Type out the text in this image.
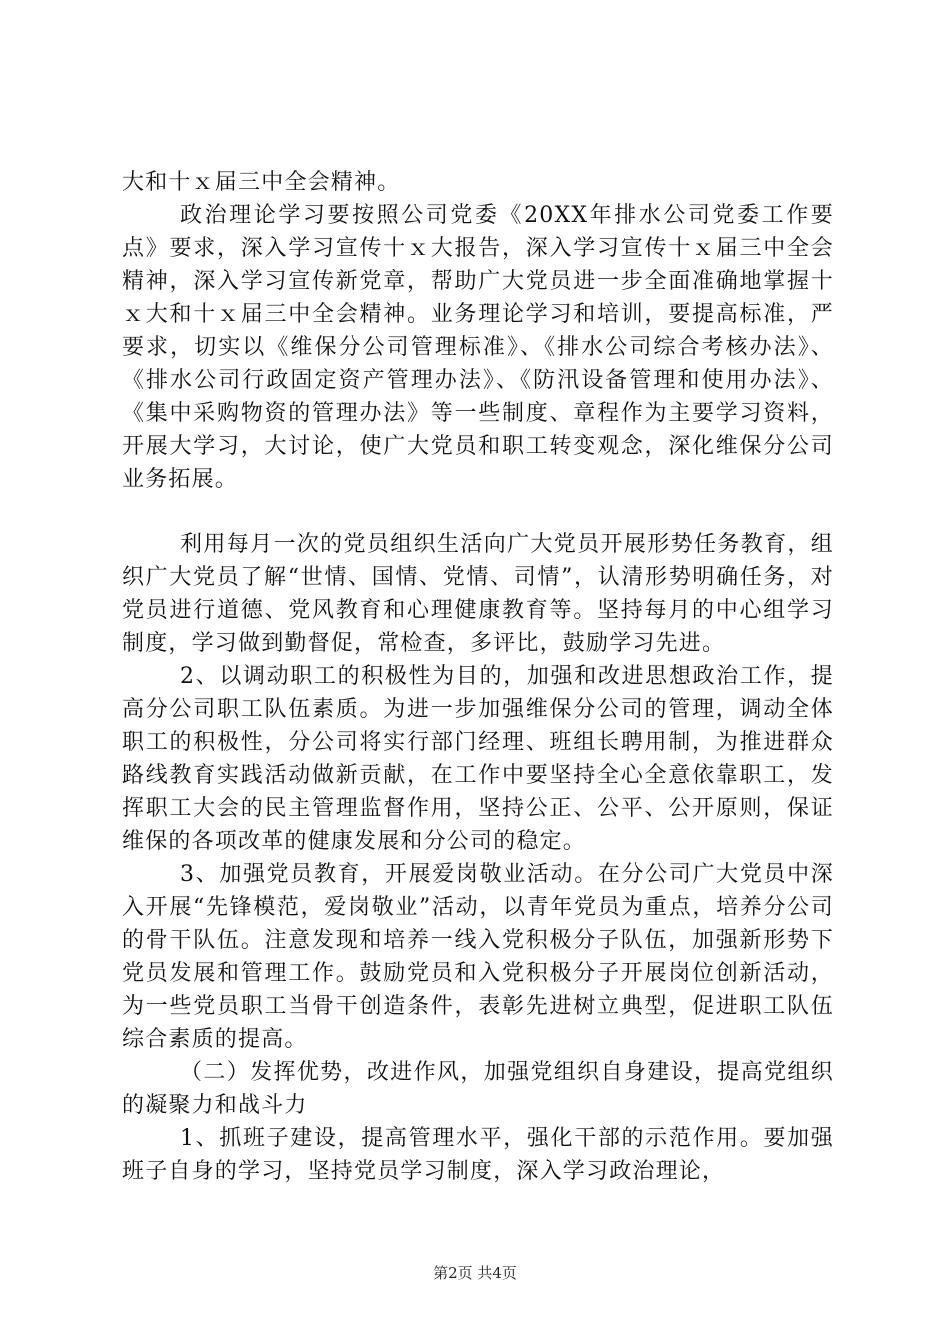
大和十ｘ届三中全会精神。

政治理论学习要按照公司党委《20XX年排水公司党委工作要点》要求，深入学习宣传十ｘ大报告，深入学习宣传十ｘ届三中全会精神，深入学习宣传新党章，帮助广大党员进一步全面准确地掌握十ｘ大和十ｘ届三中全会精神。业务理论学习和培训，要提高标准，严要求，切实以《维保分公司管理标准》、《排水公司综合考核办法》、《排水公司行政固定资产管理办法》、《防汛设备管理和使用办法》、《集中采购物资的管理办法》等一些制度、章程作为主要学习资料，开展大学习，大讨论，使广大党员和职工转变观念，深化维保分公司业务拓展。

利用每月一次的党员组织生活向广大党员开展形势任务教育，组织广大党员了解“世情、国情、党情、司情”，认清形势明确任务，对党员进行道德、党风教育和心理健康教育等。坚持每月的中心组学习制度，学习做到勤督促，常检查，多评比，鼓励学习先进。

2、以调动职工的积极性为目的，加强和改进思想政治工作，提高分公司职工队伍素质。为进一步加强维保分公司的管理，调动全体职工的积极性，分公司将实行部门经理、班组长聘用制，为推进群众路线教育实践活动做新贡献，在工作中要坚持全心全意依靠职工，发挥职工大会的民主管理监督作用，坚持公正、公平、公开原则，保证维保的各项改革的健康发展和分公司的稳定。

3、加强党员教育，开展爱岗敬业活动。在分公司广大党员中深入开展“先锋模范，爱岗敬业”活动，以青年党员为重点，培养分公司的骨干队伍。注意发现和培养一线入党积极分子队伍，加强新形势下党员发展和管理工作。鼓励党员和入党积极分子开展岗位创新活动，为一些党员职工当骨干创造条件，表彰先进树立典型，促进职工队伍综合素质的提高。

（二）发挥优势，改进作风，加强党组织自身建设，提高党组织的凝聚力和战斗力

1、抓班子建设，提高管理水平，强化干部的示范作用。要加强班子自身的学习，坚持党员学习制度，深入学习政治理论，

第2页 共4页
